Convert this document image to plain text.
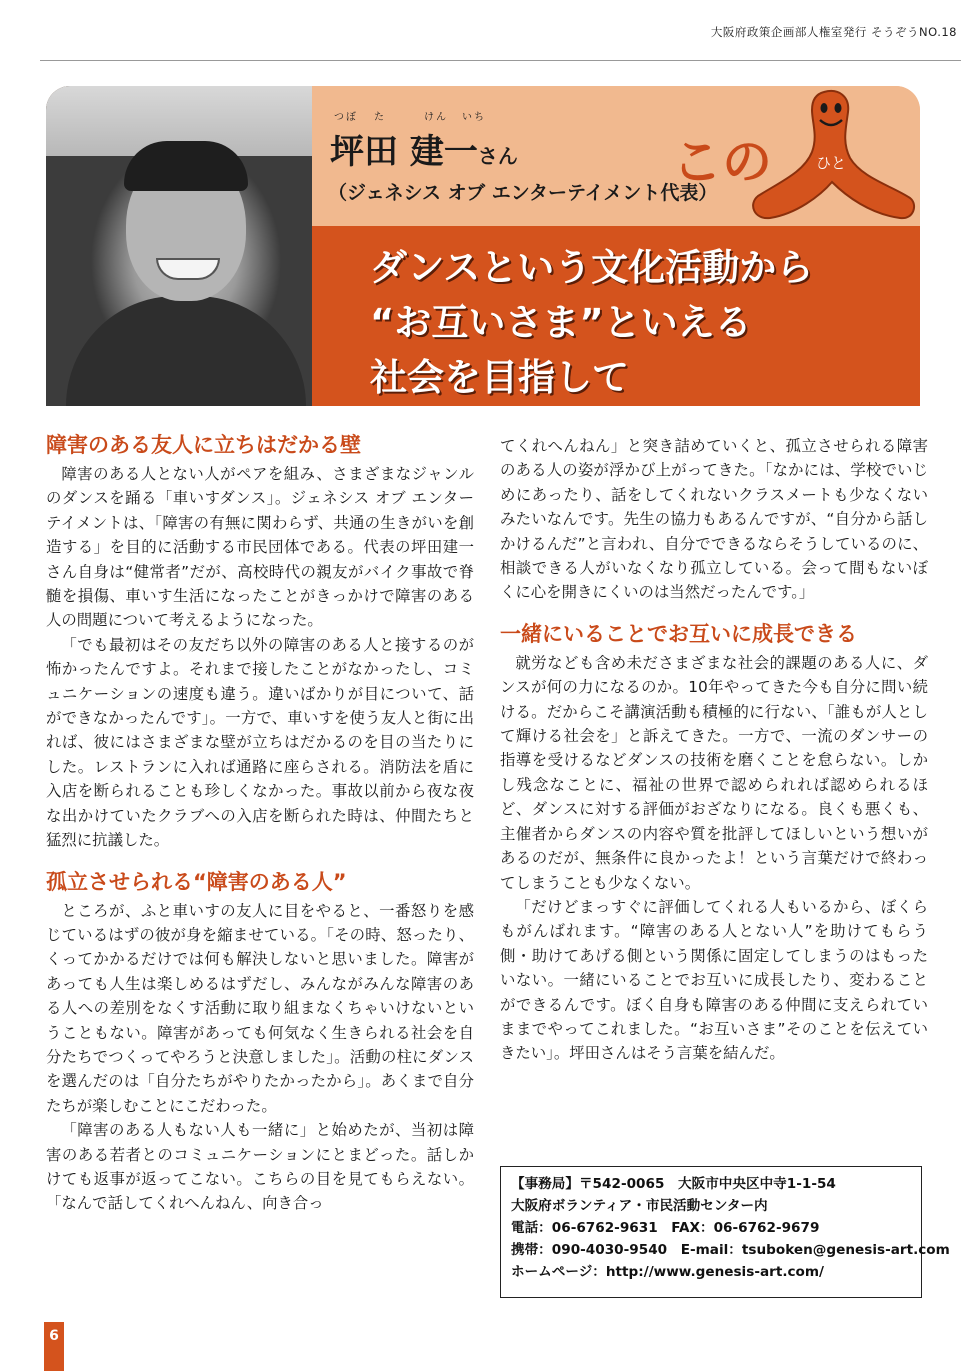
大阪府政策企画部人権室発行 そうぞうNO.18
つぼ た	けん いち
坪田 建一さん
（ジェネシス オブ エンターテイメント代表）
この	ひと
ダンスという文化活動から
“お互いさま”といえる
社会を目指して
障害のある友人に立ちはだかる壁

障害のある人とない人がペアを組み、さまざまなジャンルのダンスを踊る「車いすダンス」。ジェネシス オブ エンターテイメントは、「障害の有無に関わらず、共通の生きがいを創造する」を目的に活動する市民団体である。代表の坪田建一さん自身は“健常者”だが、高校時代の親友がバイク事故で脊髄を損傷、車いす生活になったことがきっかけで障害のある人の問題について考えるようになった。

「でも最初はその友だち以外の障害のある人と接するのが怖かったんですよ。それまで接したことがなかったし、コミュニケーションの速度も違う。違いばかりが目について、話ができなかったんです」。一方で、車いすを使う友人と街に出れば、彼にはさまざまな壁が立ちはだかるのを目の当たりにした。レストランに入れば通路に座らされる。消防法を盾に入店を断られることも珍しくなかった。事故以前から夜な夜な出かけていたクラブへの入店を断られた時は、仲間たちと猛烈に抗議した。

孤立させられる“障害のある人”

ところが、ふと車いすの友人に目をやると、一番怒りを感じているはずの彼が身を縮ませている。「その時、怒ったり、くってかかるだけでは何も解決しないと思いました。障害があっても人生は楽しめるはずだし、みんながみんな障害のある人への差別をなくす活動に取り組まなくちゃいけないということもない。障害があっても何気なく生きられる社会を自分たちでつくってやろうと決意しました」。活動の柱にダンスを選んだのは「自分たちがやりたかったから」。あくまで自分たちが楽しむことにこだわった。

「障害のある人もない人も一緒に」と始めたが、当初は障害のある若者とのコミュニケーションにとまどった。話しかけても返事が返ってこない。こちらの目を見てもらえない。「なんで話してくれへんねん、向き合っ

てくれへんねん」と突き詰めていくと、孤立させられる障害のある人の姿が浮かび上がってきた。「なかには、学校でいじめにあったり、話をしてくれないクラスメートも少なくないみたいなんです。先生の協力もあるんですが、“自分から話しかけるんだ”と言われ、自分でできるならそうしているのに、相談できる人がいなくなり孤立している。会って間もないぼくに心を開きにくいのは当然だったんです。」

一緒にいることでお互いに成長できる

就労なども含め未ださまざまな社会的課題のある人に、ダンスが何の力になるのか。10年やってきた今も自分に問い続ける。だからこそ講演活動も積極的に行ない、「誰もが人として輝ける社会を」と訴えてきた。一方で、一流のダンサーの指導を受けるなどダンスの技術を磨くことを怠らない。しかし残念なことに、福祉の世界で認められれば認められるほど、ダンスに対する評価がおざなりになる。良くも悪くも、主催者からダンスの内容や質を批評してほしいという想いがあるのだが、無条件に良かったよ！という言葉だけで終わってしまうことも少なくない。

「だけどまっすぐに評価してくれる人もいるから、ぼくらもがんばれます。“障害のある人とない人”を助けてもらう側・助けてあげる側という関係に固定してしまうのはもったいない。一緒にいることでお互いに成長したり、変わることができるんです。ぼく自身も障害のある仲間に支えられていままでやってこれました。“お互いさま”そのことを伝えていきたい」。坪田さんはそう言葉を結んだ。

【事務局】〒542-0065　大阪市中央区中寺1-1-54
大阪府ボランティア・市民活動センター内
電話：06-6762-9631　FAX：06-6762-9679
携帯：090-4030-9540　E-mail：tsuboken@genesis-art.com
ホームページ：http://www.genesis-art.com/
6
